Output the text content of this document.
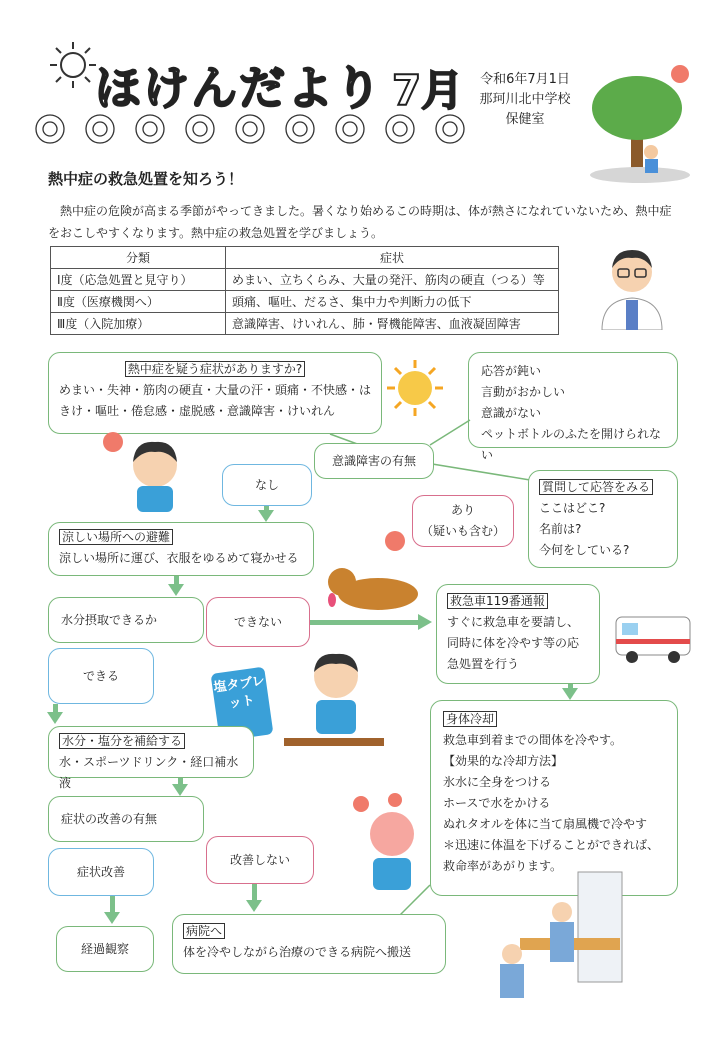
ほけんだより 7月	令和6年7月1日
那珂川北中学校
保健室
熱中症の救急処置を知ろう！
熱中症の危険が高まる季節がやってきました。暑くなり始めるこの時期は、体が熱さになれていないため、熱中症をおこしやすくなります。熱中症の救急処置を学びましょう。
分類	症状
Ⅰ度（応急処置と見守り）	めまい、立ちくらみ、大量の発汗、筋肉の硬直（つる）等
Ⅱ度（医療機関へ）	頭痛、嘔吐、だるさ、集中力や判断力の低下
Ⅲ度（入院加療）	意識障害、けいれん、肺・腎機能障害、血液凝固障害
熱中症を疑う症状がありますか?
めまい・失神・筋肉の硬直・大量の汗・頭痛・不快感・はきけ・嘔吐・倦怠感・虚脱感・意識障害・けいれん
応答が鈍い
言動がおかしい
意識がない
ペットボトルのふたを開けられない
意識障害の有無
なし
あり
（疑いも含む）
質問して応答をみる
ここはどこ?
名前は?
今何をしている?
涼しい場所への避難
涼しい場所に運び、衣服をゆるめて寝かせる
水分摂取できるか	できない
救急車119番通報
すぐに救急車を要請し、同時に体を冷やす等の応急処置を行う
できる	塩タブレット
水分・塩分を補給する
水・スポーツドリンク・経口補水液
身体冷却
救急車到着までの間体を冷やす。
【効果的な冷却方法】
氷水に全身をつける
ホースで水をかける
ぬれタオルを体に当て扇風機で冷やす
＊迅速に体温を下げることができれば、救命率があがります。
症状の改善の有無
症状改善
改善しない
経過観察
病院へ
体を冷やしながら治療のできる病院へ搬送
